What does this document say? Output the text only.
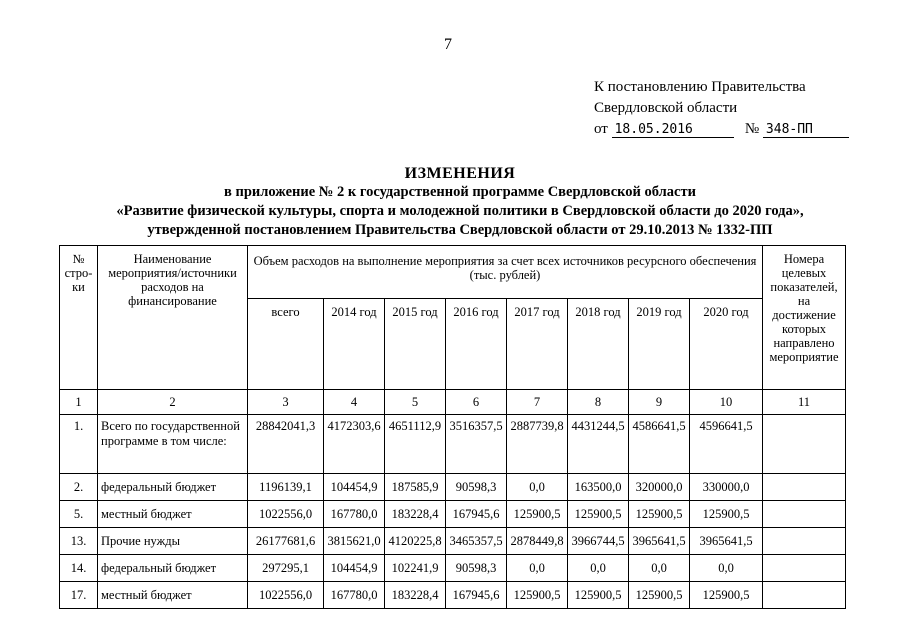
7
К постановлению Правительства
Свердловской области
от 18.05.2016	№ 348-ПП
ИЗМЕНЕНИЯ
в приложение № 2 к государственной программе Свердловской области
«Развитие физической культуры, спорта и молодежной политики в Свердловской области до 2020 года»,
утвержденной постановлением Правительства Свердловской области от 29.10.2013 № 1332-ПП
№ стро-ки	Наименование мероприятия/источники расходов на финансирование	Объем расходов на выполнение мероприятия за счет всех источников ресурсного обеспечения (тыс. рублей)								Номера целевых показателей, на достижение которых направлено мероприятие
		всего	2014 год	2015 год	2016 год	2017 год	2018 год	2019 год	2020 год	
1	2	3	4	5	6	7	8	9	10	11
1.	Всего по государственной программе в том числе:	28842041,3	4172303,6	4651112,9	3516357,5	2887739,8	4431244,5	4586641,5	4596641,5	
2.	федеральный бюджет	1196139,1	104454,9	187585,9	90598,3	0,0	163500,0	320000,0	330000,0	
5.	местный бюджет	1022556,0	167780,0	183228,4	167945,6	125900,5	125900,5	125900,5	125900,5	
13.	Прочие нужды	26177681,6	3815621,0	4120225,8	3465357,5	2878449,8	3966744,5	3965641,5	3965641,5	
14.	федеральный бюджет	297295,1	104454,9	102241,9	90598,3	0,0	0,0	0,0	0,0	
17.	местный бюджет	1022556,0	167780,0	183228,4	167945,6	125900,5	125900,5	125900,5	125900,5	
